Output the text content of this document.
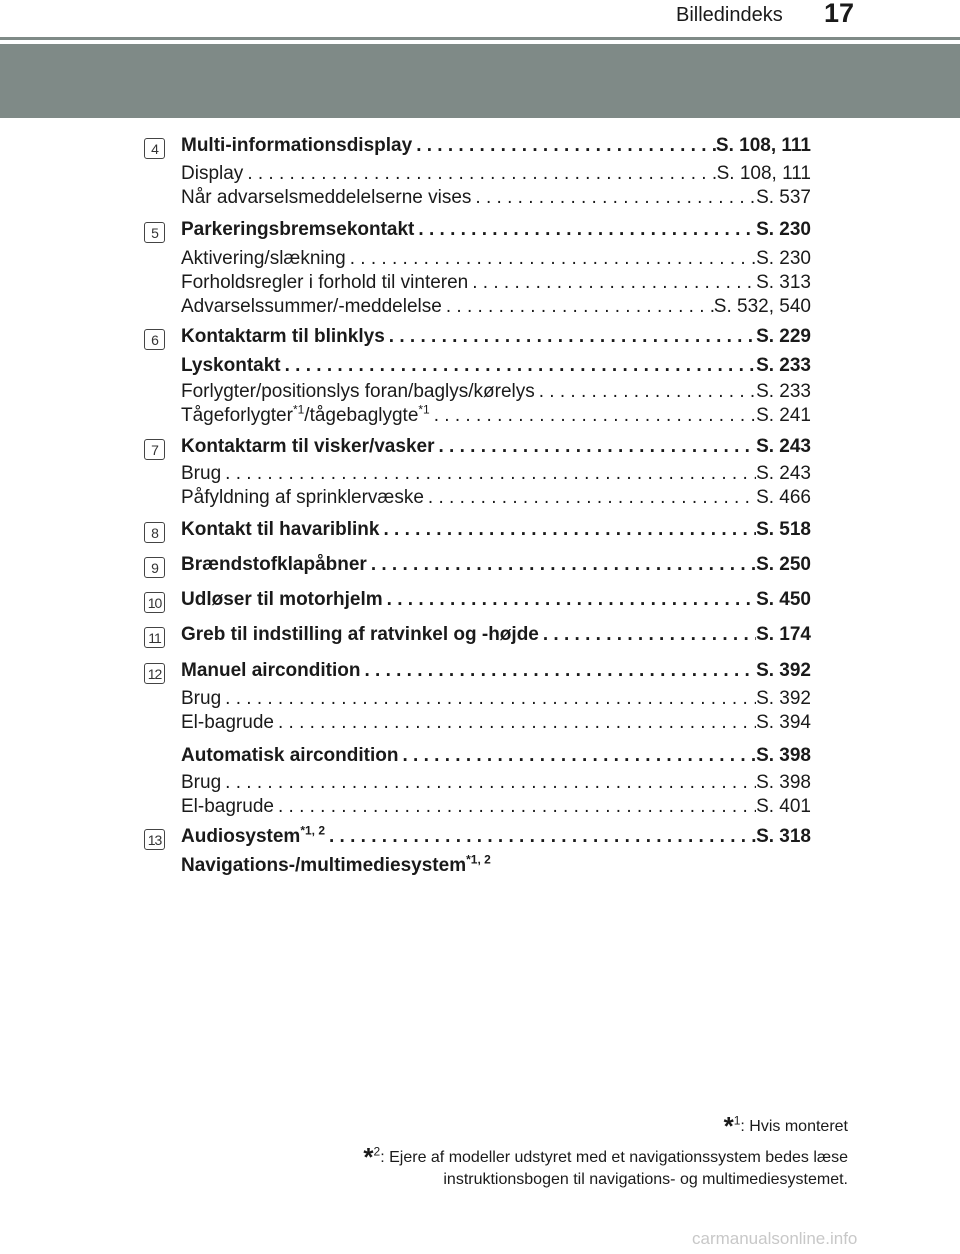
Billedindeks 17
4	Multi-informationsdisplay . . .	S. 108, 111
Display . . .	S. 108, 111
Når advarselsmeddelelserne vises . . .	S. 537
5	Parkeringsbremsekontakt . . .	S. 230
Aktivering/slækning . . .	S. 230
Forholdsregler i forhold til vinteren . . .	S. 313
Advarselssummer/-meddelelse . . .	S. 532, 540
6	Kontaktarm til blinklys . . .	S. 229
Lyskontakt . . .	S. 233
Forlygter/positionslys foran/baglys/kørelys . . .	S. 233
Tågeforlygter$^{*1}$/tågebaglygte$^{*1}$ . . .	S. 241
7	Kontaktarm til visker/vasker . . .	S. 243
Brug . . .	S. 243
Påfyldning af sprinklervæske . . .	S. 466
8	Kontakt til havariblink . . .	S. 518
9	Brændstofklapåbner . . .	S. 250
10 Udløser til motorhjelm . . .	S. 450
11 Greb til indstilling af ratvinkel og -højde . . .	S. 174
12 Manuel aircondition . . .	S. 392
Brug . . .	S. 392
El-bagrude . . .	S. 394
Automatisk aircondition . . .	S. 398
Brug . . .	S. 398
El-bagrude . . .	S. 401
13 Audiosystem$^{*1, 2}$ . . .	S. 318
Navigations-/multimediesystem$^{*1, 2}$
*$^1$: Hvis monteret
*$^2$: Ejere af modeller udstyret med et navigationssystem bedes læse
instruktionsbogen til navigations- og multimediesystemet.
carmanualsonline.info
